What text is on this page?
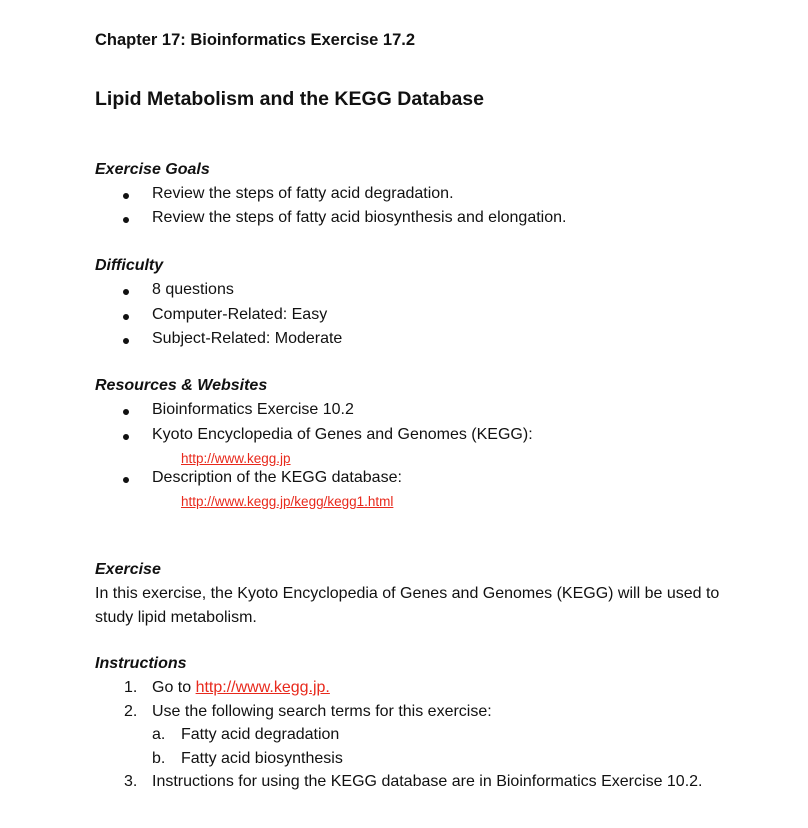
Chapter 17: Bioinformatics Exercise 17.2
Lipid Metabolism and the KEGG Database
Exercise Goals
Review the steps of fatty acid degradation.
Review the steps of fatty acid biosynthesis and elongation.
Difficulty
8 questions
Computer-Related: Easy
Subject-Related: Moderate
Resources & Websites
Bioinformatics Exercise 10.2
Kyoto Encyclopedia of Genes and Genomes (KEGG):
http://www.kegg.jp
Description of the KEGG database:
http://www.kegg.jp/kegg/kegg1.html
Exercise
In this exercise, the Kyoto Encyclopedia of Genes and Genomes (KEGG) will be used to
study lipid metabolism.
Instructions
1. Go to http://www.kegg.jp.
2. Use the following search terms for this exercise:
a. Fatty acid degradation
b. Fatty acid biosynthesis
3. Instructions for using the KEGG database are in Bioinformatics Exercise 10.2.
